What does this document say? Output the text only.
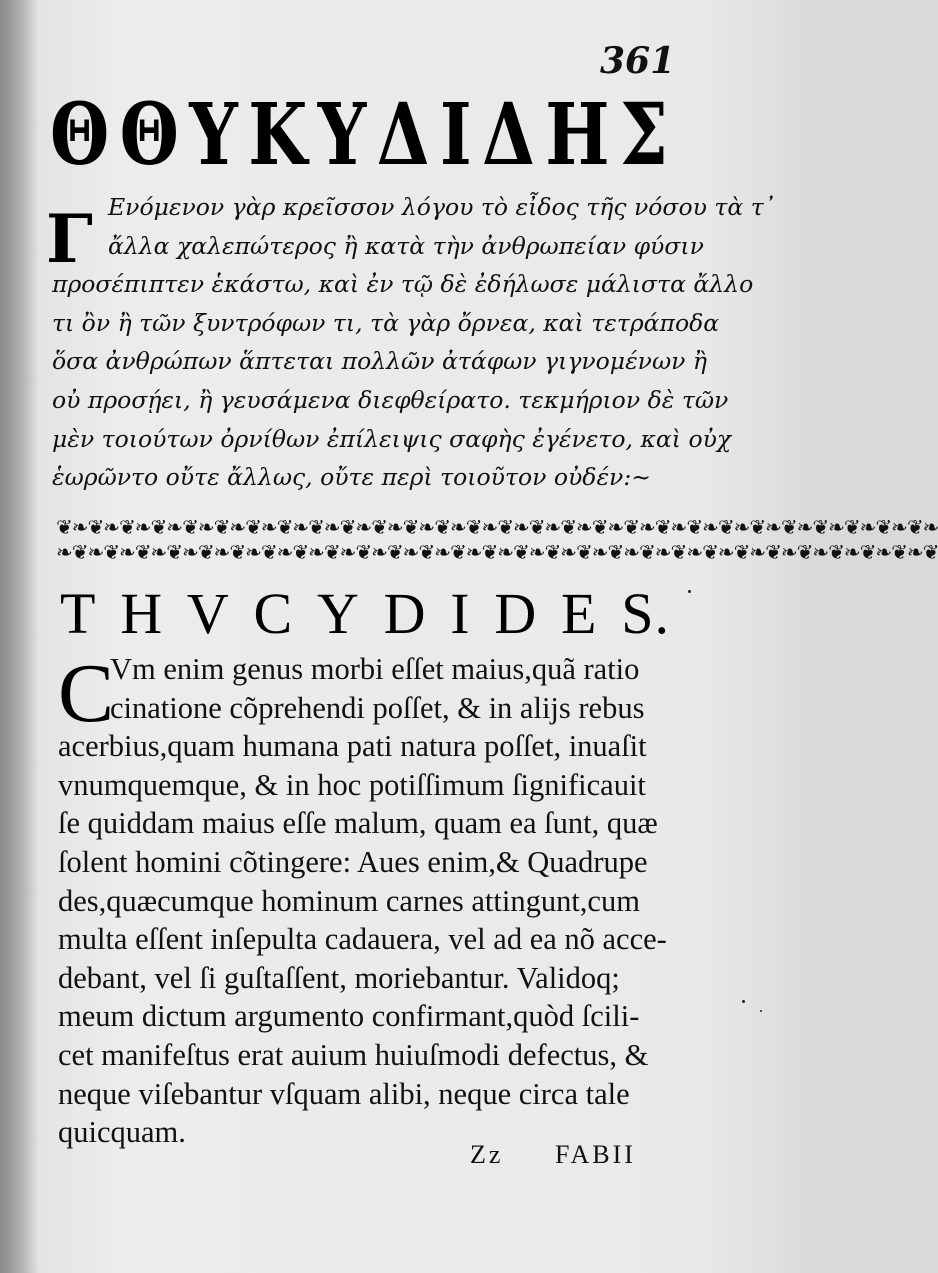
361
Θ Θ Υ Κ Υ Δ Ι Δ Η Σ
Γ Ενόμενον γὰρ κρεῖσσον λόγου τὸ εἶδος τῆς νόσου τὰ τ᾽
ἄλλα χαλεπώτερος ἢ κατὰ τὴν ἀνθρωπείαν φύσιν
προσέπιπτεν ἑκάστω, καὶ ἐν τῷ δὲ ἐδήλωσε μάλιστα ἄλλο
τι ὂν ἢ τῶν ξυντρόφων τι, τὰ γὰρ ὄρνεα, καὶ τετράποδα
ὅσα ἀνθρώπων ἅπτεται πολλῶν ἀτάφων γιγνομένων ἢ
οὐ προσῄει, ἢ γευσάμενα διεφθείρατο. τεκμήριον δὲ τῶν
μὲν τοιούτων ὀρνίθων ἐπίλειψις σαφὴς ἐγένετο, καὶ οὐχ
ἑωρῶντο οὔτε ἄλλως, οὔτε περὶ τοιοῦτον οὐδέν:~
❦❧❦❧❦❧❦❧❦❧❦❧❦❧❦❧❦❧❦❧❦❧❦❧❦❧❦❧❦❧❦❧❦❧❦❧❦❧❦❧❦❧❦❧❦❧❦❧❦❧❦❧❦❧❦❧
❧❦❧❦❧❦❧❦❧❦❧❦❧❦❧❦❧❦❧❦❧❦❧❦❧❦❧❦❧❦❧❦❧❦❧❦❧❦❧❦❧❦❧❦❧❦❧❦❧❦❧❦❧❦❧❦
T H V C Y D I D E S.
C
Vm enim genus morbi eſſet maius,quã ratio
cinatione cõprehendi poſſet, & in alijs rebus
acerbius,quam humana pati natura poſſet, inuaſit
vnumquemque, & in hoc potiſſimum ſignificauit
ſe quiddam maius eſſe malum, quam ea ſunt, quæ
ſolent homini cõtingere: Aues enim,& Quadrupe
des,quæcumque hominum carnes attingunt,cum
multa eſſent inſepulta cadauera, vel ad ea nõ acce-
debant, vel ſi guſtaſſent, moriebantur. Validoq;
meum dictum argumento confirmant,quòd ſcili-
cet manifeſtus erat auium huiuſmodi defectus, &
neque viſebantur vſquam alibi, neque circa tale
quicquam.
Zz FABII
